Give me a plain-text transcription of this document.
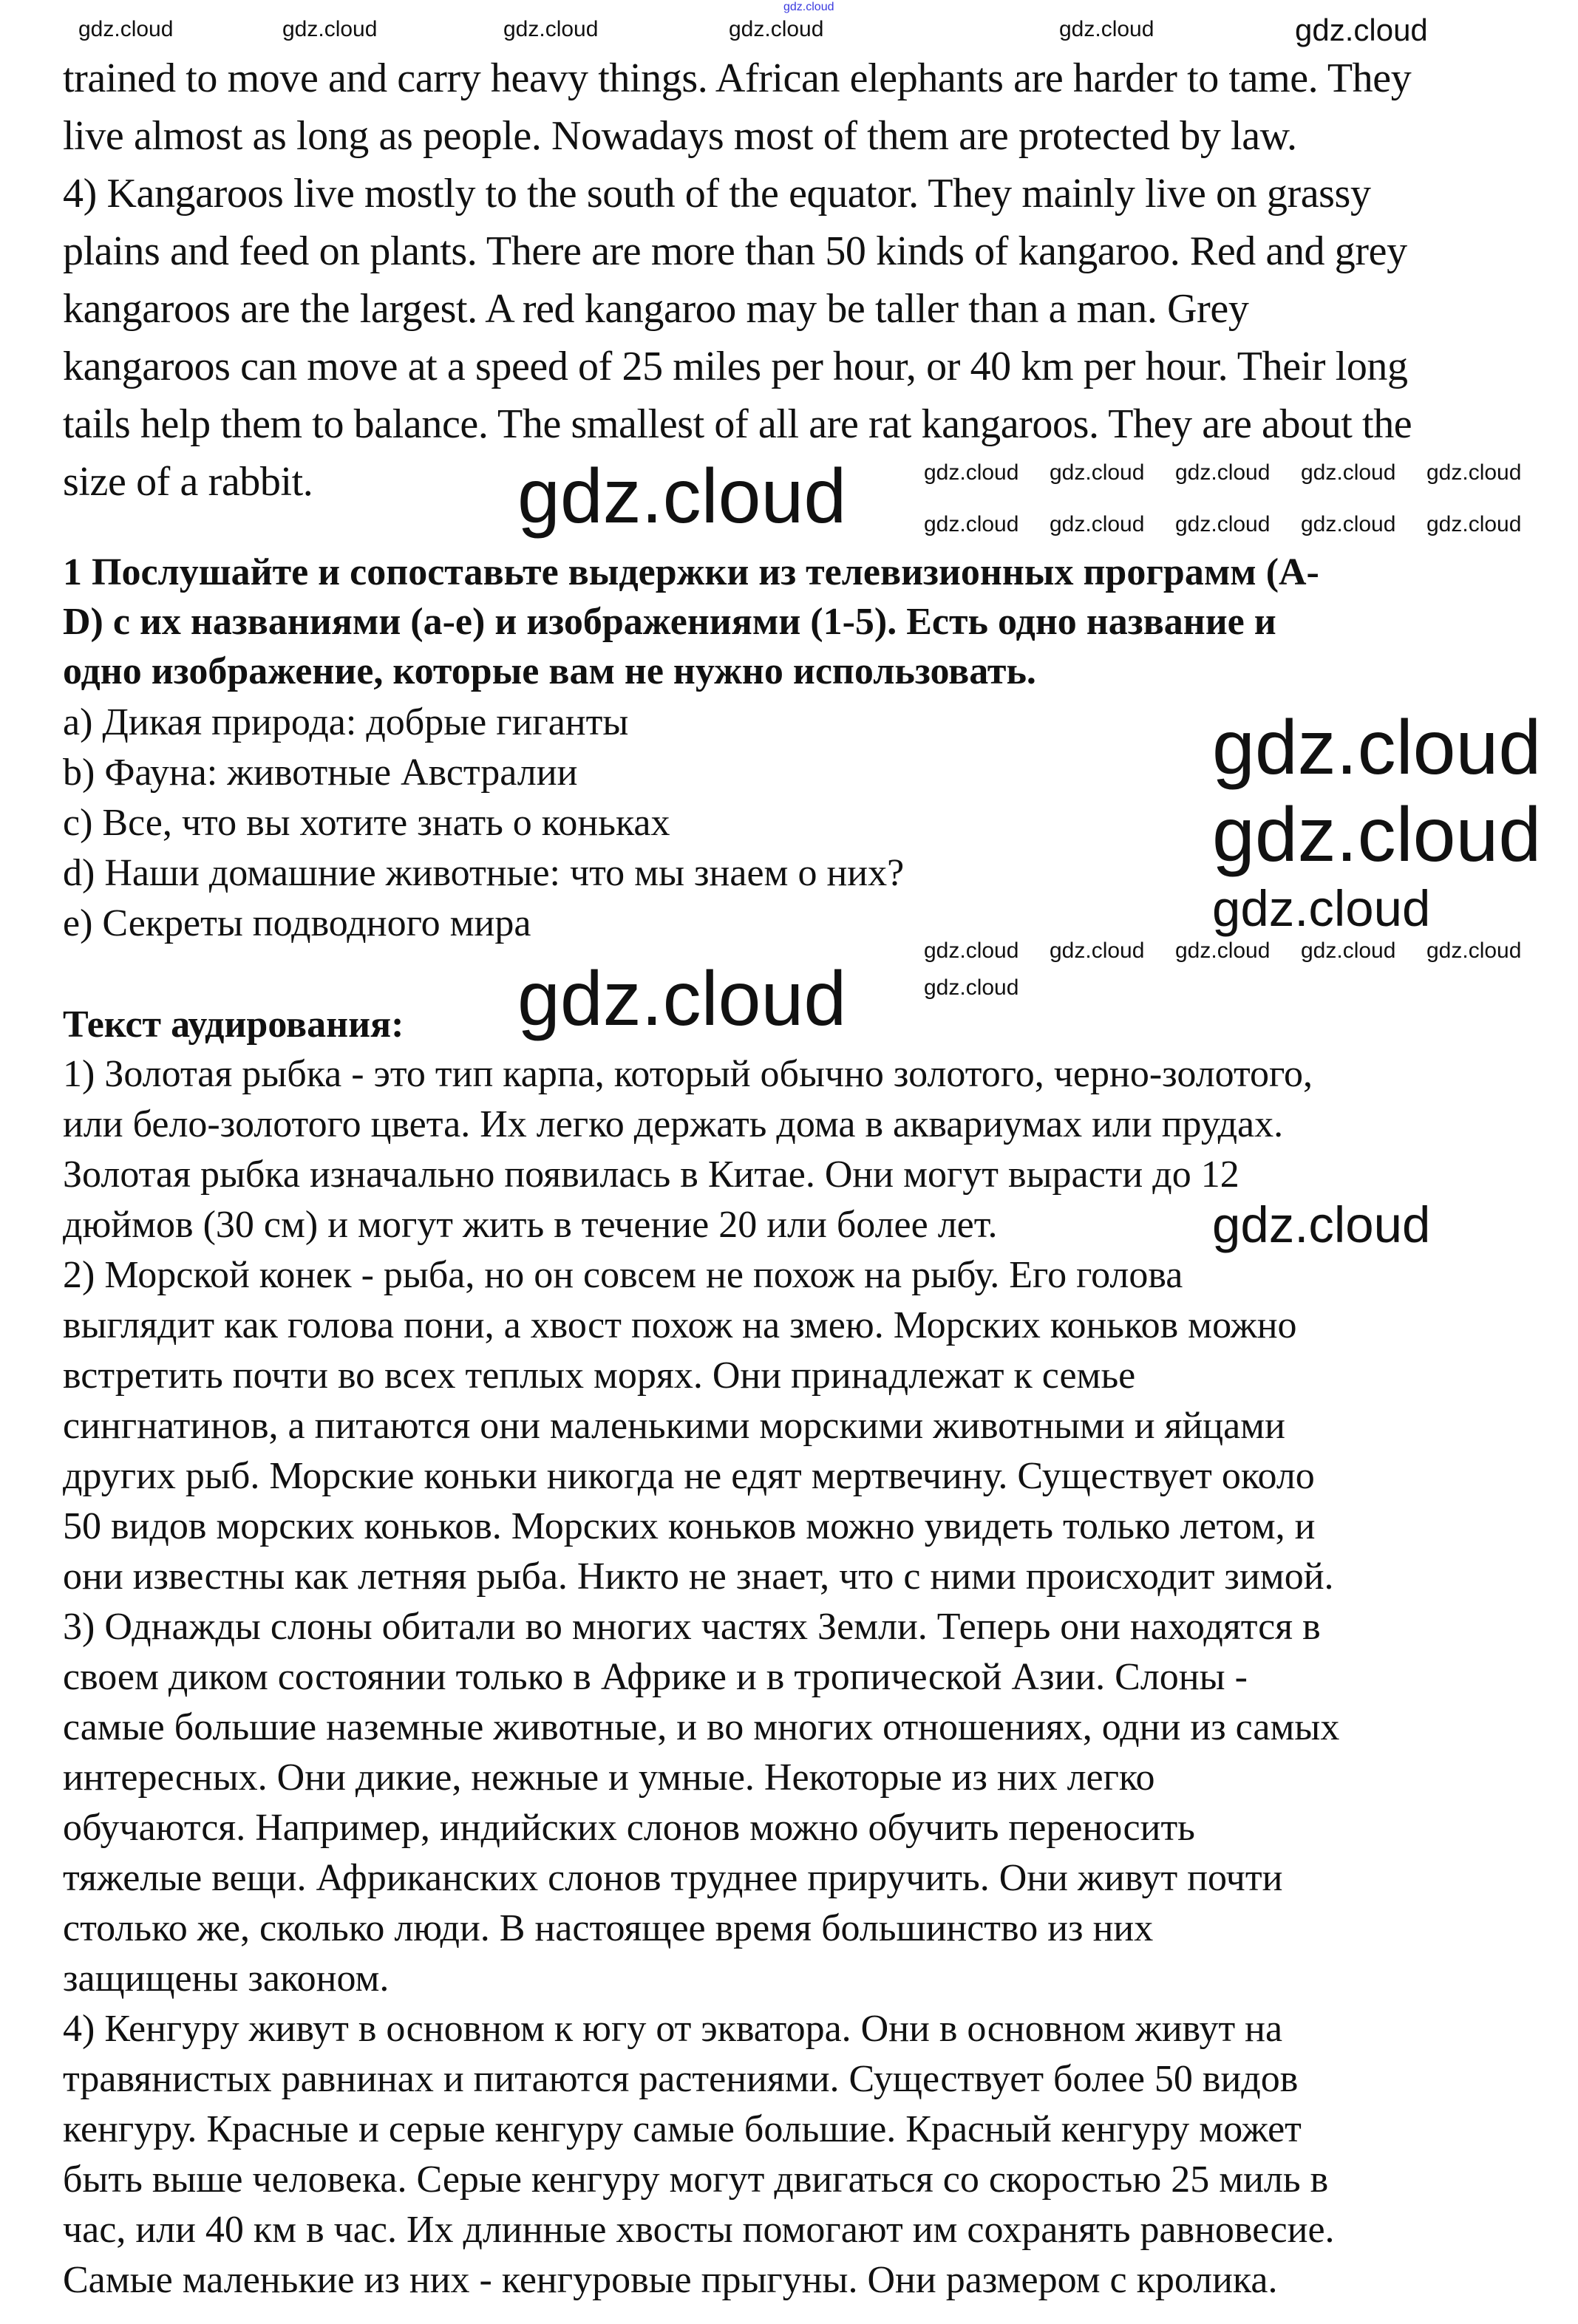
trained to move and carry heavy things. African elephants are harder to tame. They
live almost as long as people. Nowadays most of them are protected by law.
4) Kangaroos live mostly to the south of the equator. They mainly live on grassy
plains and feed on plants. There are more than 50 kinds of kangaroo. Red and grey
kangaroos are the largest. A red kangaroo may be taller than a man. Grey
kangaroos can move at a speed of 25 miles per hour, or 40 km per hour. Their long
tails help them to balance. The smallest of all are rat kangaroos. They are about the
size of a rabbit.
1 Послушайте и сопоставьте выдержки из телевизионных программ (A-
D) с их названиями (a-e) и изображениями (1-5). Есть одно название и
одно изображение, которые вам не нужно использовать.
a) Дикая природа: добрые гиганты
b) Фауна: животные Австралии
c) Все, что вы хотите знать о коньках
d) Наши домашние животные: что мы знаем о них?
e) Секреты подводного мира
Текст аудирования:
1) Золотая рыбка - это тип карпа, который обычно золотого, черно-золотого,
или бело-золотого цвета. Их легко держать дома в аквариумах или прудах.
Золотая рыбка изначально появилась в Китае. Они могут вырасти до 12
дюймов (30 см) и могут жить в течение 20 или более лет.
2) Морской конек - рыба, но он совсем не похож на рыбу. Его голова
выглядит как голова пони, а хвост похож на змею. Морских коньков можно
встретить почти во всех теплых морях. Они принадлежат к семье
сингнатинов, а питаются они маленькими морскими животными и яйцами
других рыб. Морские коньки никогда не едят мертвечину. Существует около
50 видов морских коньков. Морских коньков можно увидеть только летом, и
они известны как летняя рыба. Никто не знает, что с ними происходит зимой.
3) Однажды слоны обитали во многих частях Земли. Теперь они находятся в
своем диком состоянии только в Африке и в тропической Азии. Слоны -
самые большие наземные животные, и во многих отношениях, одни из самых
интересных. Они дикие, нежные и умные. Некоторые из них легко
обучаются. Например, индийских слонов можно обучить переносить
тяжелые вещи. Африканских слонов труднее приручить. Они живут почти
столько же, сколько люди. В настоящее время большинство из них
защищены законом.
4) Кенгуру живут в основном к югу от экватора. Они в основном живут на
травянистых равнинах и питаются растениями. Существует более 50 видов
кенгуру. Красные и серые кенгуру самые большие. Красный кенгуру может
быть выше человека. Серые кенгуру могут двигаться со скоростью 25 миль в
час, или 40 км в час. Их длинные хвосты помогают им сохранять равновесие.
Самые маленькие из них - кенгуровые прыгуны. Они размером с кролика.
gdz.cloud
gdz.cloud	gdz.cloud	gdz.cloud	gdz.cloud	gdz.cloud	gdz.cloud
gdz.cloud	gdz.cloud gdz.cloud gdz.cloud gdz.cloud gdz.cloud
gdz.cloud gdz.cloud gdz.cloud gdz.cloud gdz.cloud
gdz.cloud
gdz.cloud
gdz.cloud
gdz.cloud gdz.cloud gdz.cloud gdz.cloud gdz.cloud
gdz.cloud
gdz.cloud
gdz.cloud
